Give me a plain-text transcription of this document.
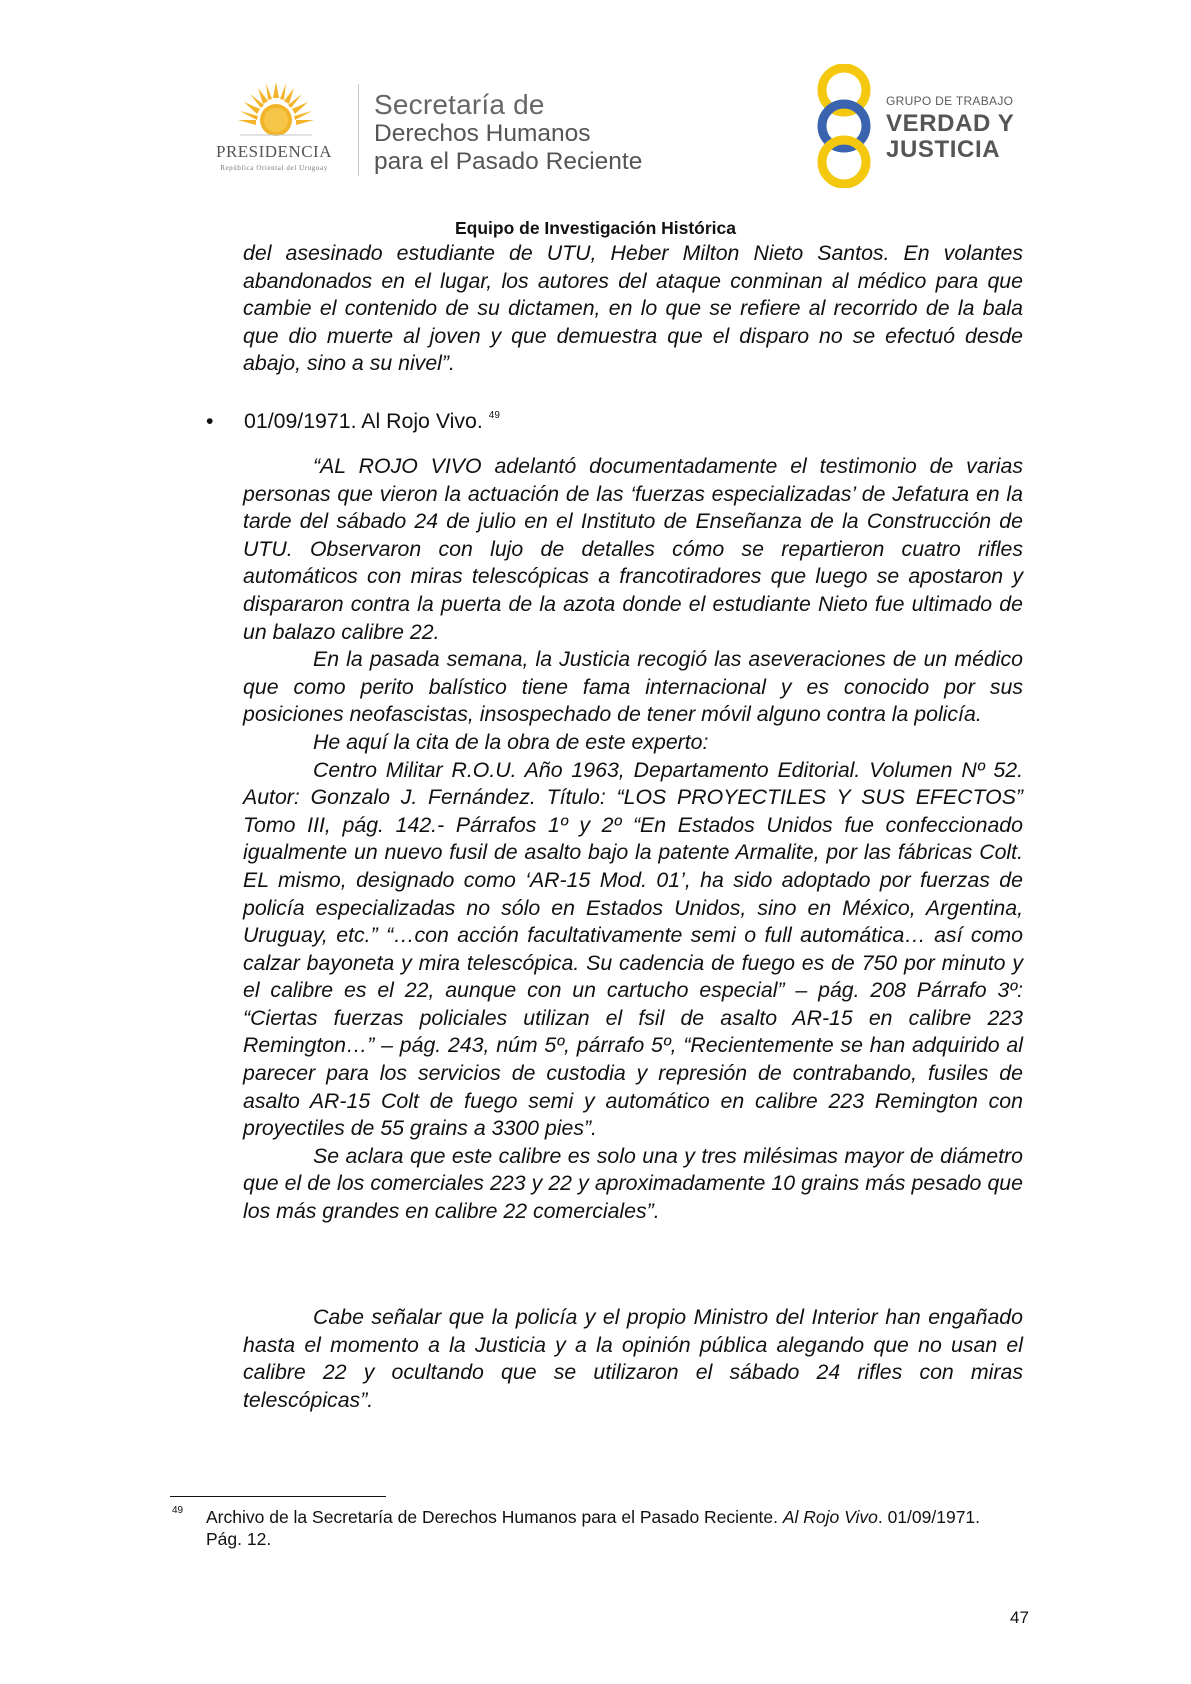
PRESIDENCIA
República Oriental del Uruguay
Secretaría de
Derechos Humanos
para el Pasado Reciente
GRUPO DE TRABAJO
VERDAD Y
JUSTICIA
Equipo de Investigación Histórica

del asesinado estudiante de UTU, Heber Milton Nieto Santos. En volantes abandonados en el lugar, los autores del ataque conminan al médico para que cambie el contenido de su dictamen, en lo que se refiere al recorrido de la bala que dio muerte al joven y que demuestra que el disparo no se efectuó desde abajo, sino a su nivel”.

• 01/09/1971. Al Rojo Vivo. $^{49}$

“AL ROJO VIVO adelantó documentadamente el testimonio de varias personas que vieron la actuación de las ‘fuerzas especializadas’ de Jefatura en la tarde del sábado 24 de julio en el Instituto de Enseñanza de la Construcción de UTU. Observaron con lujo de detalles cómo se repartieron cuatro rifles automáticos con miras telescópicas a francotiradores que luego se apostaron y dispararon contra la puerta de la azota donde el estudiante Nieto fue ultimado de un balazo calibre 22.

En la pasada semana, la Justicia recogió las aseveraciones de un médico que como perito balístico tiene fama internacional y es conocido por sus posiciones neofascistas, insospechado de tener móvil alguno contra la policía.

He aquí la cita de la obra de este experto:

Centro Militar R.O.U. Año 1963, Departamento Editorial. Volumen Nº 52. Autor: Gonzalo J. Fernández. Título: “LOS PROYECTILES Y SUS EFECTOS” Tomo III, pág. 142.- Párrafos 1º y 2º “En Estados Unidos fue confeccionado igualmente un nuevo fusil de asalto bajo la patente Armalite, por las fábricas Colt. EL mismo, designado como ‘AR-15 Mod. 01’, ha sido adoptado por fuerzas de policía especializadas no sólo en Estados Unidos, sino en México, Argentina, Uruguay, etc.” “…con acción facultativamente semi o full automática… así como calzar bayoneta y mira telescópica. Su cadencia de fuego es de 750 por minuto y el calibre es el 22, aunque con un cartucho especial” – pág. 208 Párrafo 3º: “Ciertas fuerzas policiales utilizan el fsil de asalto AR-15 en calibre 223 Remington…” – pág. 243, núm 5º, párrafo 5º, “Recientemente se han adquirido al parecer para los servicios de custodia y represión de contrabando, fusiles de asalto AR-15 Colt de fuego semi y automático en calibre 223 Remington con proyectiles de 55 grains a 3300 pies”.

Se aclara que este calibre es solo una y tres milésimas mayor de diámetro que el de los comerciales 223 y 22 y aproximadamente 10 grains más pesado que los más grandes en calibre 22 comerciales”.

Cabe señalar que la policía y el propio Ministro del Interior han engañado hasta el momento a la Justicia y a la opinión pública alegando que no usan el calibre 22 y ocultando que se utilizaron el sábado 24 rifles con miras telescópicas”.

49 Archivo de la Secretaría de Derechos Humanos para el Pasado Reciente. Al Rojo Vivo. 01/09/1971. Pág. 12.
47
